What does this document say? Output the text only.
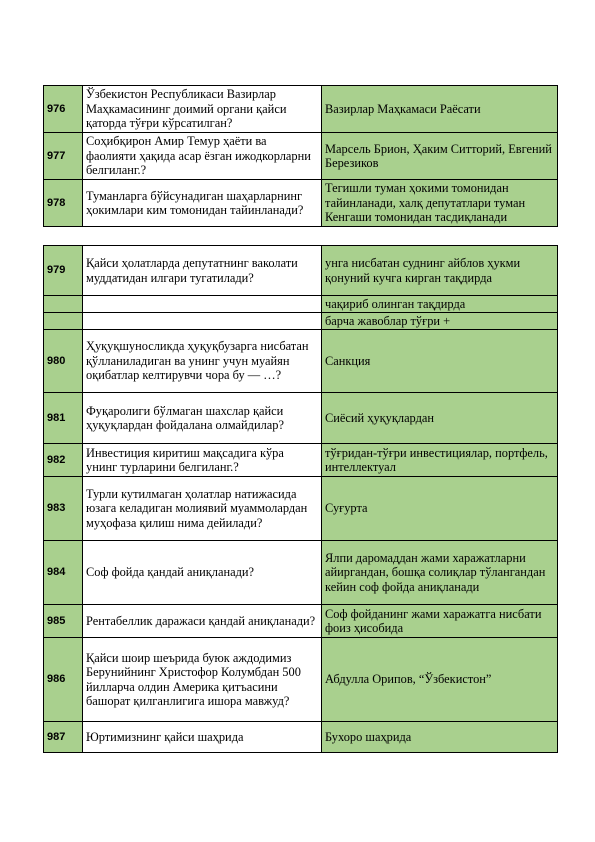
976	Ўзбекистон Республикаси Вазирлар Маҳкамасининг доимий органи қайси қаторда тўғри кўрсатилган?	Вазирлар Маҳкамаси Раёсати
977	Соҳибқирон Амир Темур ҳаёти ва фаолияти ҳақида асар ёзган ижодкорларни белгиланг.?	Марсель Брион, Ҳаким Ситторий, Евгений Березиков
978	Туманларга бўйсунадиган шаҳарларнинг ҳокимлари ким томонидан тайинланади?	Тегишли туман ҳокими томонидан тайинланади, халқ депутатлари туман Кенгаши томонидан тасдиқланади
979	Қайси ҳолатларда депутатнинг ваколати муддатидан илгари тугатилади?	унга нисбатан суднинг айблов ҳукми қонуний кучга кирган тақдирда
		чақириб олинган тақдирда
		барча жавоблар тўғри +
980	Ҳуқуқшуносликда ҳуқуқбузарга нисбатан қўлланиладиган ва унинг учун муайян оқибатлар келтирувчи чора бу — …?	Санкция
981	Фуқаролиги бўлмаган шахслар қайси ҳуқуқлардан фойдалана олмайдилар?	Сиёсий ҳуқуқлардан
982	Инвестиция киритиш мақсадига кўра унинг турларини белгиланг.?	тўғридан-тўғри инвестициялар, портфель, интеллектуал
983	Турли кутилмаган ҳолатлар натижасида юзага келадиган молиявий муаммолардан муҳофаза қилиш нима дейилади?	Суғурта
984	Соф фойда қандай аниқланади?	Ялпи даромаддан жами харажатларни айиргандан, бошқа солиқлар тўлангандан кейин соф фойда аниқланади
985	Рентабеллик даражаси қандай аниқланади?	Соф фойданинг жами харажатга нисбати фоиз ҳисобида
986	Қайси шоир шеърида буюк аждодимиз Берунийнинг Христофор Колумбдан 500 йилларча олдин Америка қитъасини башорат қилганлигига ишора мавжуд?	Абдулла Орипов, “Ўзбекистон”
987	Юртимизнинг қайси шаҳрида	Бухоро шаҳрида
